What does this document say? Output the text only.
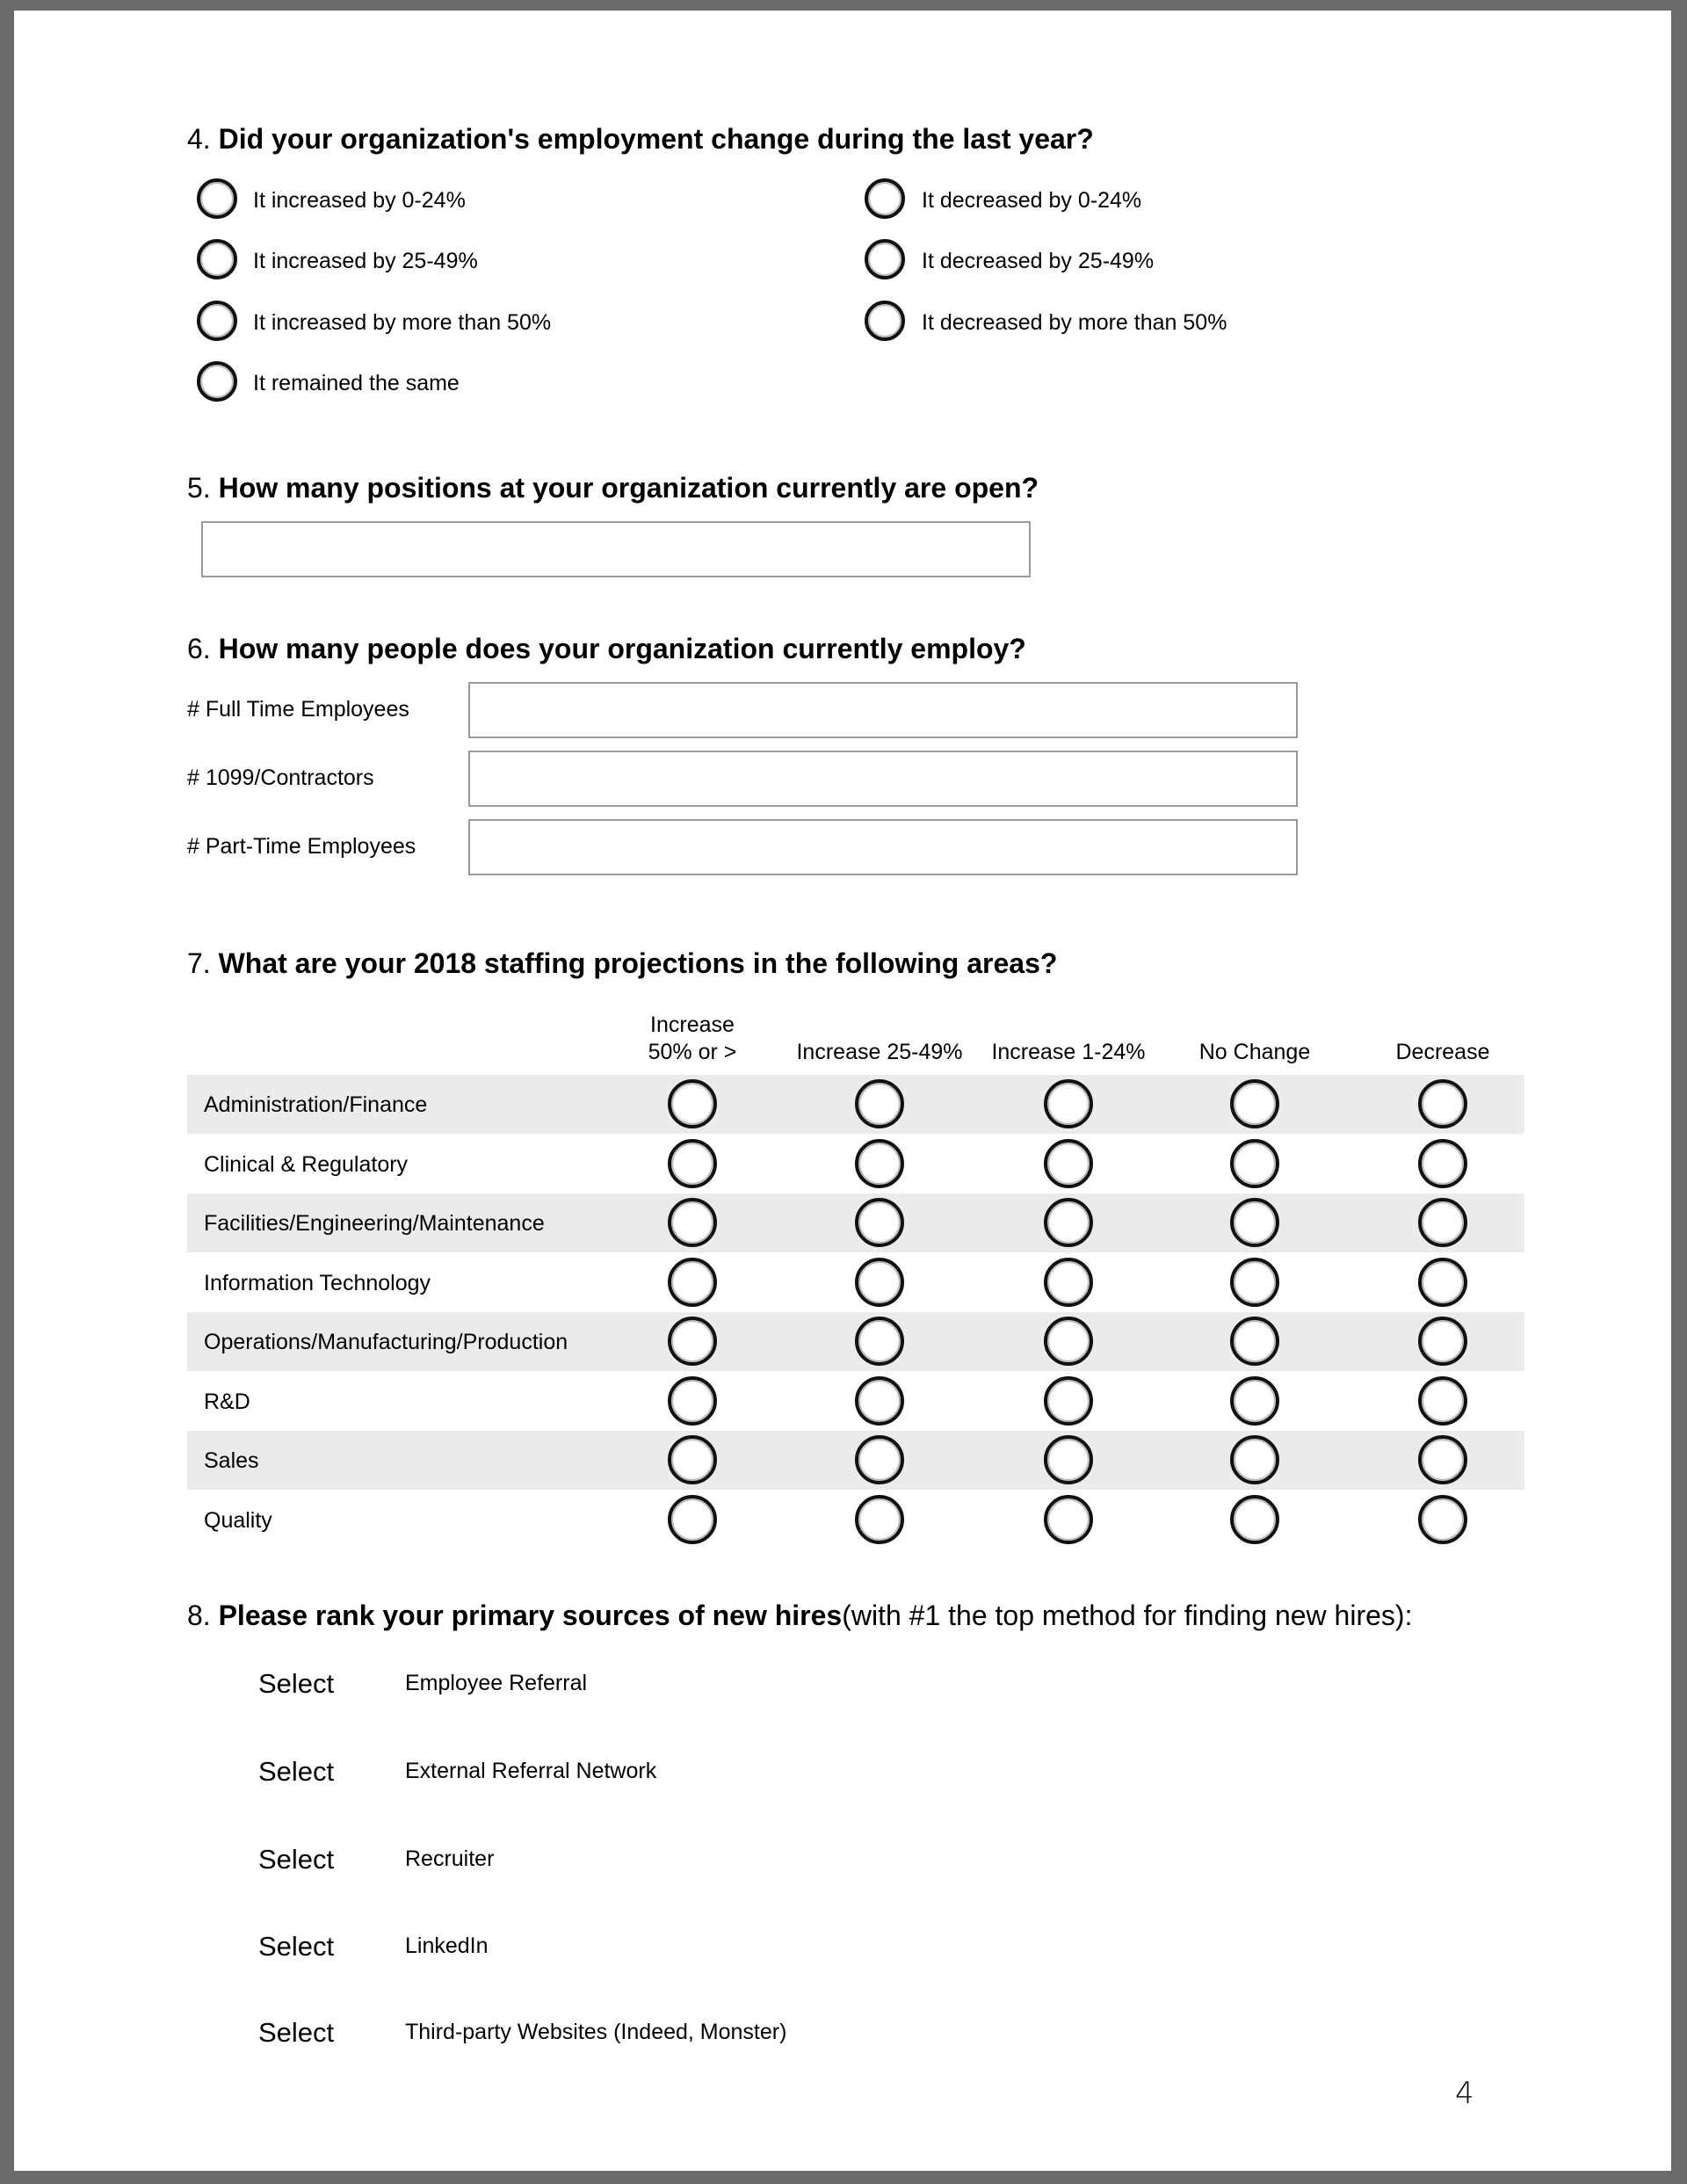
4. Did your organization's employment change during the last year?
It increased by 0-24%
It increased by 25-49%
It increased by more than 50%
It remained the same
It decreased by 0-24%
It decreased by 25-49%
It decreased by more than 50%
5. How many positions at your organization currently are open?
6. How many people does your organization currently employ?
# Full Time Employees
# 1099/Contractors
# Part-Time Employees
7. What are your 2018 staffing projections in the following areas?
Increase
50% or >	Increase 25-49%	Increase 1-24%	No Change	Decrease
Administration/Finance
Clinical & Regulatory
Facilities/Engineering/Maintenance
Information Technology
Operations/Manufacturing/Production
R&D
Sales
Quality
8. Please rank your primary sources of new hires(with #1 the top method for finding new hires):
Select	Employee Referral
Select	External Referral Network
Select	Recruiter
Select	LinkedIn
Select	Third-party Websites (Indeed, Monster)
4
